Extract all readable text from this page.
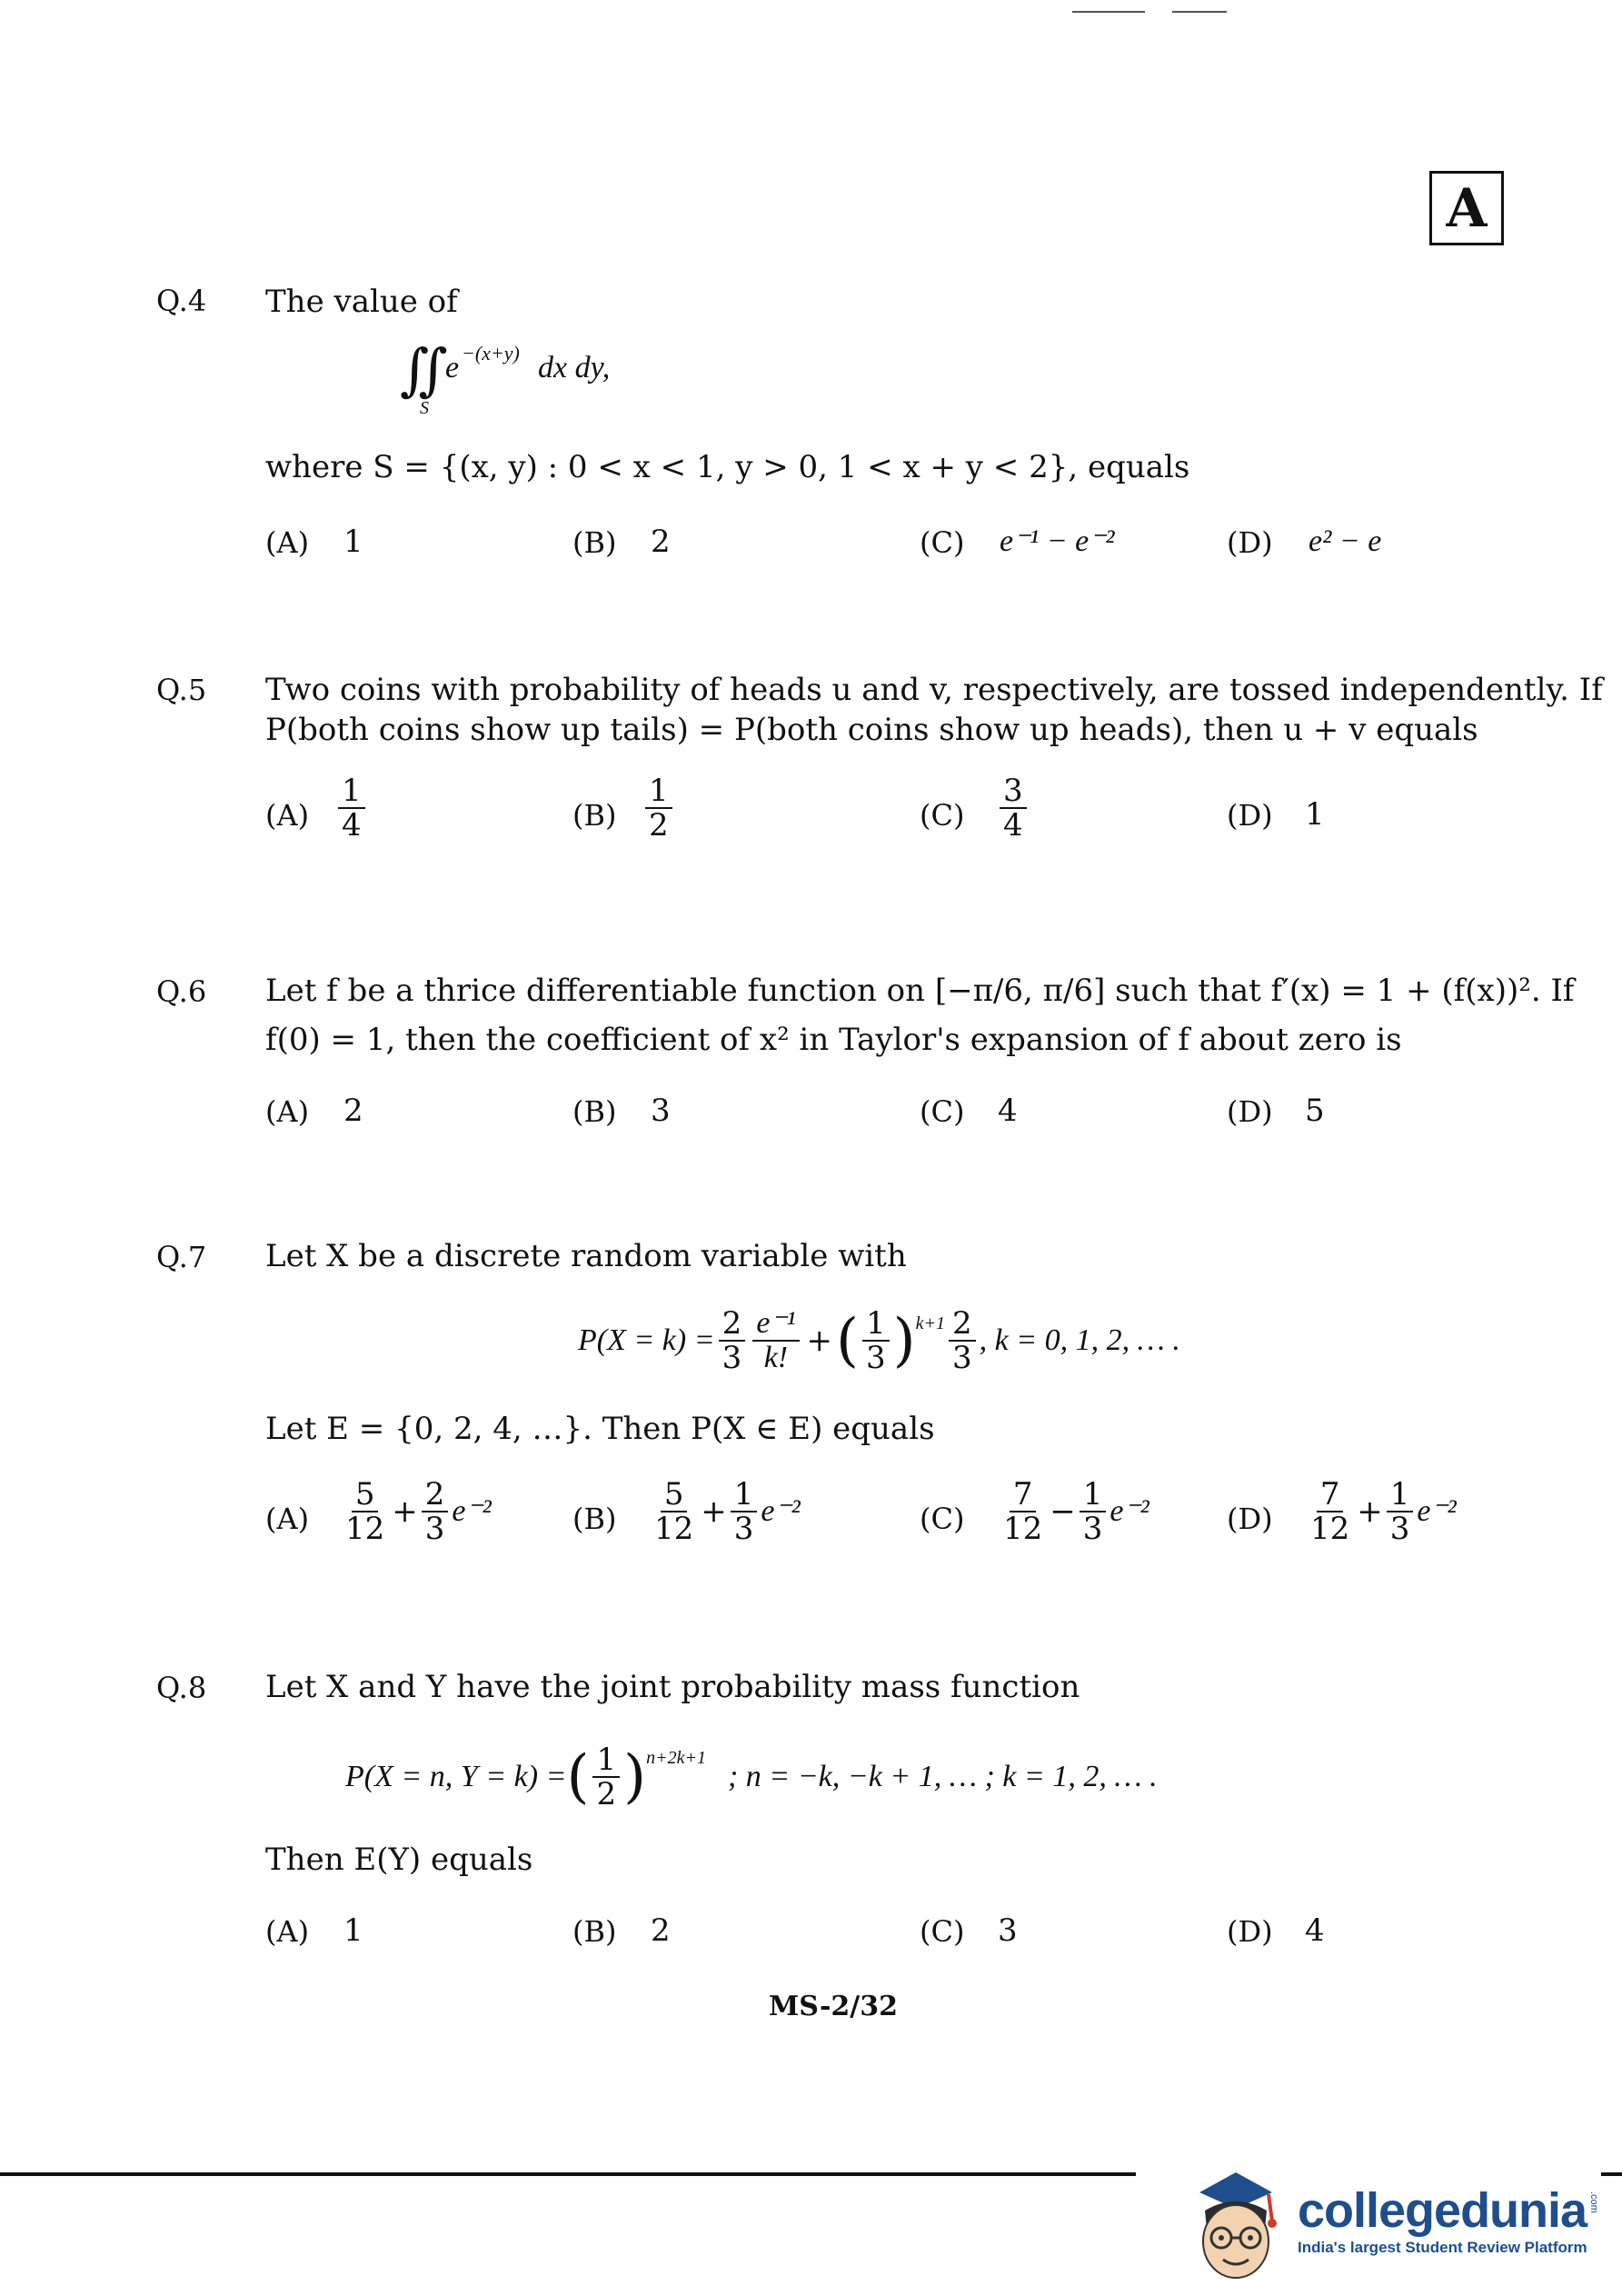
A
Q.4 The value of
∬
e −(x+y) dx dy,
S
where S = {(x, y) : 0 < x < 1, y > 0, 1 < x + y < 2}, equals
(A) 1	(B) 2	(C) e⁻¹ − e⁻²	(D) e² − e
Q.5 Two coins with probability of heads u and v, respectively, are tossed independently. If
P(both coins show up tails) = P(both coins show up heads), then u + v equals
$(A) \frac{1}{4}$	$(B) \frac{1}{2}$	$(C) \frac{3}{4}$	(D) 1
Q.6 Let f be a thrice differentiable function on [−π/6, π/6] such that f′(x) = 1 + (f(x))². If
f(0) = 1, then the coefficient of x² in Taylor's expansion of f about zero is
(A) 2	(B) 3	(C) 4	(D) 5
Q.7 Let X be a discrete random variable with
$P(X = k) = \frac{2}{3} \frac{\text{e⁻¹}}{k!}$ + ( $\frac{1}{3}$ ) $k+1 \frac{2}{3}$ , k = 0, 1, 2, … .
Let E = {0, 2, 4, …}. Then P(X ∈ E) equals
$(A) \frac{5}{12} + \frac{2}{3} e^{-2}$	$(B) \frac{5}{12} + \frac{1}{3} e^{-2}$	$(C) \frac{7}{12} - \frac{1}{3} e^{-2}$	$(D) \frac{7}{12} + \frac{1}{3} e^{-2}$
Q.8 Let X and Y have the joint probability mass function
P(X = n, Y = k) = ( $\frac{1}{2}$ ) n+2k+1
; n = −k, −k + 1, … ; k = 1, 2, … .
Then E(Y) equals
(A) 1	(B) 2	(C) 3	(D) 4
MS-2/32
collegedunia .com
India's largest Student Review Platform
